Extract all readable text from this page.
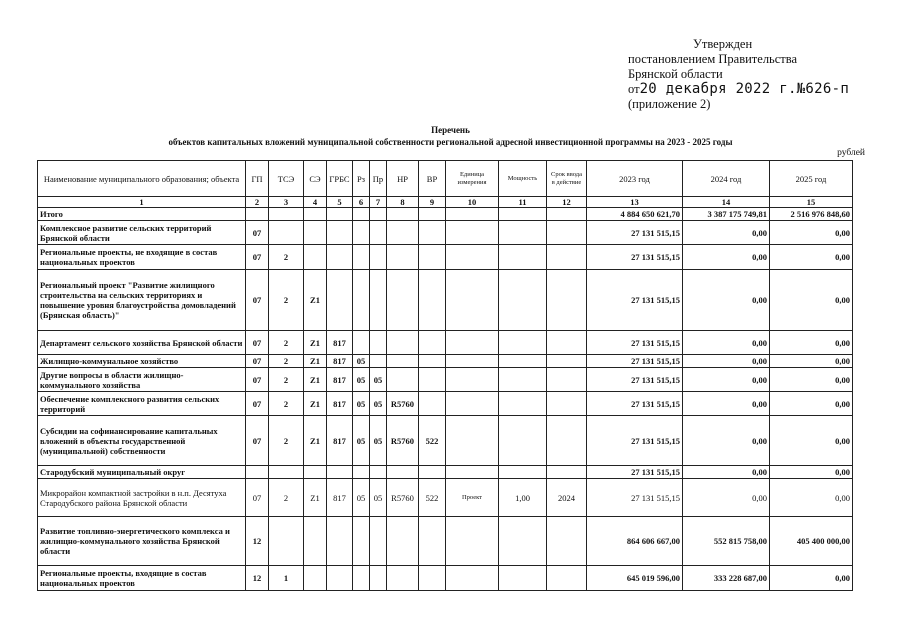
Утвержден
постановлением Правительства
Брянской области
от20 декабря 2022 г.№626-п
(приложение 2)
Перечень
объектов капитальных вложений муниципальной собственности региональной адресной инвестиционной программы на 2023 - 2025 годы
рублей
Наименование муниципального образования; объекта	ГП	ТСЭ	СЭ	ГРБС	Рз	Пр	НР	ВР	Единица измерения	Мощность	Срок ввода в действие	2023 год	2024 год	2025 год
1	2	3	4	5	6	7	8	9	10	11	12	13	14	15
Итого												4 884 650 621,70	3 387 175 749,81	2 516 976 848,60
Комплексное развитие сельских территорий Брянской области	07											27 131 515,15	0,00	0,00
Региональные проекты, не входящие в состав национальных проектов	07	2										27 131 515,15	0,00	0,00
Региональный проект "Развитие жилищного строительства на сельских территориях и повышение уровня благоустройства домовладений (Брянская область)"	07	2	Z1									27 131 515,15	0,00	0,00
Департамент сельского хозяйства Брянской области	07	2	Z1	817								27 131 515,15	0,00	0,00
Жилищно-коммунальное хозяйство	07	2	Z1	817	05							27 131 515,15	0,00	0,00
Другие вопросы в области жилищно-коммунального хозяйства	07	2	Z1	817	05	05						27 131 515,15	0,00	0,00
Обеспечение комплексного развития сельских территорий	07	2	Z1	817	05	05	R5760					27 131 515,15	0,00	0,00
Субсидии на софинансирование капитальных вложений в объекты государственной (муниципальной) собственности	07	2	Z1	817	05	05	R5760	522				27 131 515,15	0,00	0,00
Стародубский муниципальный округ												27 131 515,15	0,00	0,00
Микрорайон компактной застройки в н.п. Десятуха Стародубского района Брянской области	07	2	Z1	817	05	05	R5760	522	Проект	1,00	2024	27 131 515,15	0,00	0,00
Развитие топливно-энергетического комплекса и жилищно-коммунального хозяйства Брянской области	12											864 606 667,00	552 815 758,00	405 400 000,00
Региональные проекты, входящие в состав национальных проектов	12	1										645 019 596,00	333 228 687,00	0,00
